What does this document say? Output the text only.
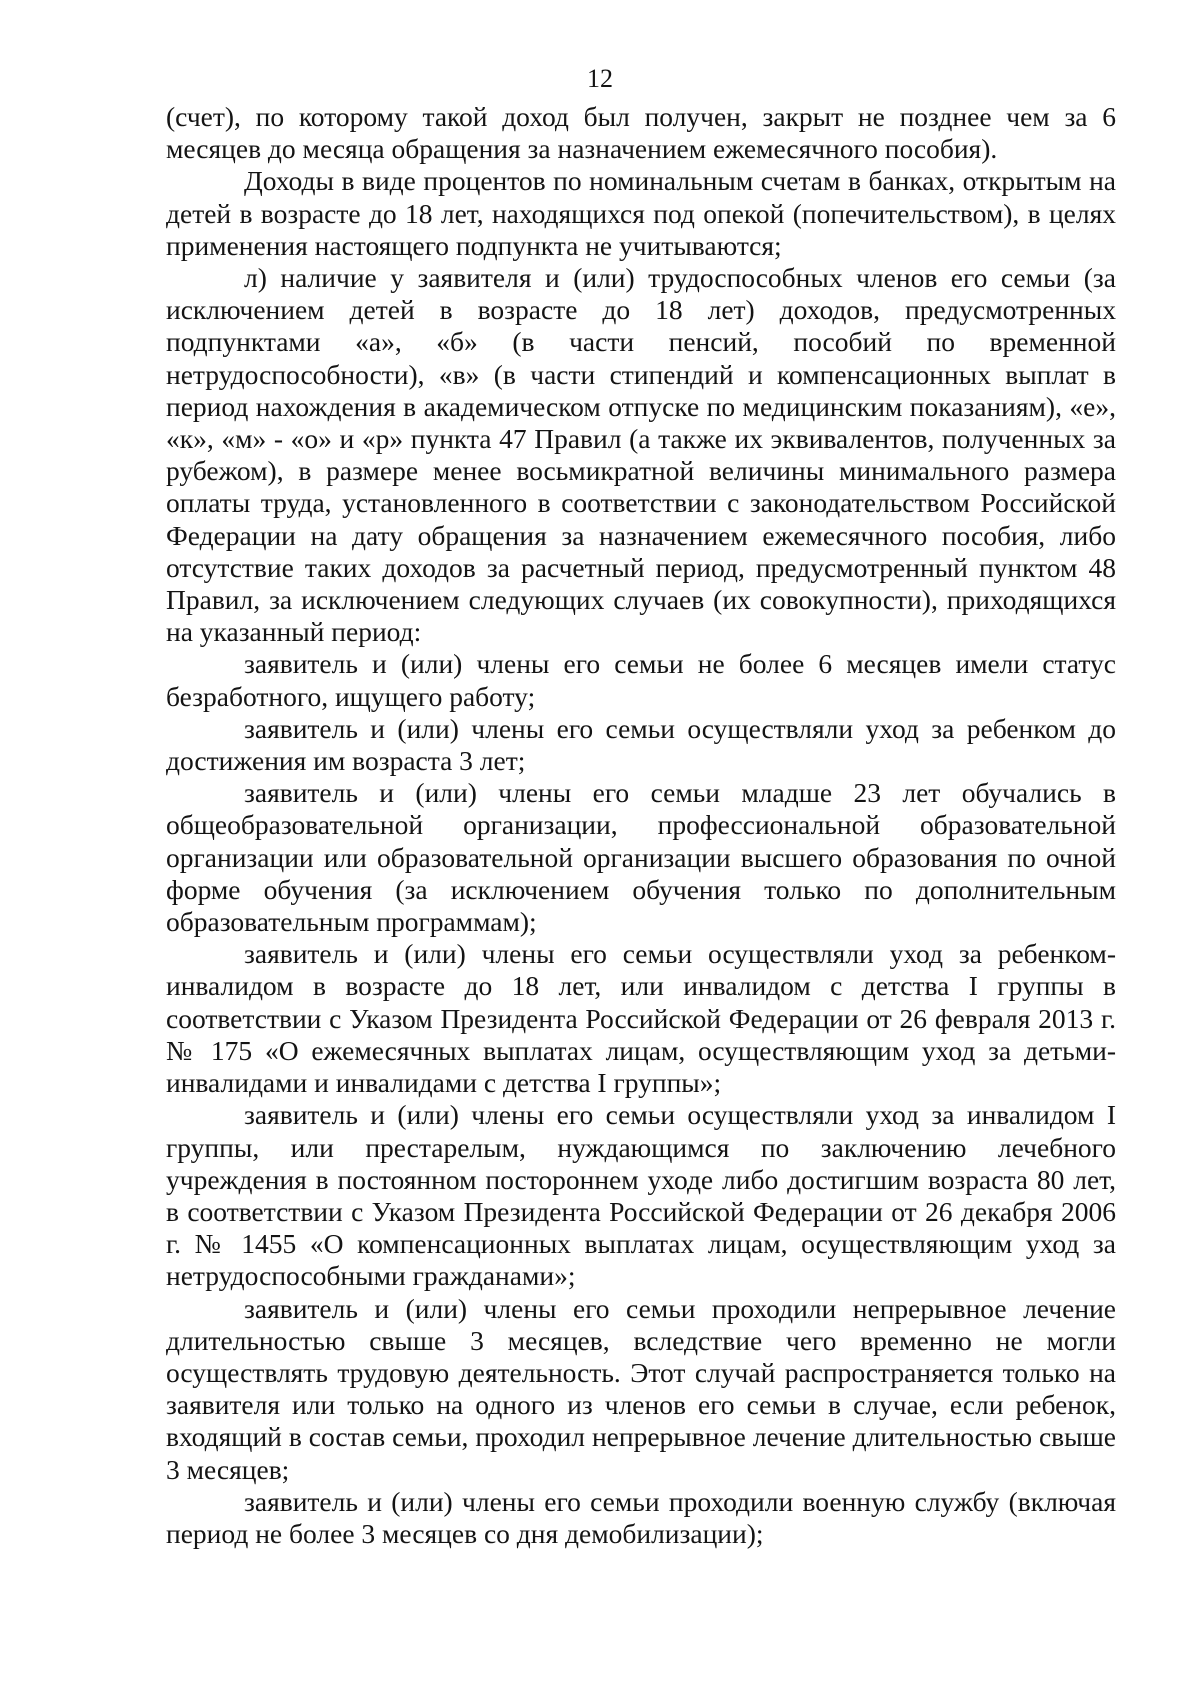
12

(счет), по которому такой доход был получен, закрыт не позднее чем за 6 месяцев до месяца обращения за назначением ежемесячного пособия).

Доходы в виде процентов по номинальным счетам в банках, открытым на детей в возрасте до 18 лет, находящихся под опекой (попечительством), в целях применения настоящего подпункта не учитываются;

л) наличие у заявителя и (или) трудоспособных членов его семьи (за исключением детей в возрасте до 18 лет) доходов, предусмотренных подпунктами «а», «б» (в части пенсий, пособий по временной нетрудоспособности), «в» (в части стипендий и компенсационных выплат в период нахождения в академическом отпуске по медицинским показаниям), «е», «к», «м» - «о» и «р» пункта 47 Правил (а также их эквивалентов, полученных за рубежом), в размере менее восьмикратной величины минимального размера оплаты труда, установленного в соответствии с законодательством Российской Федерации на дату обращения за назначением ежемесячного пособия, либо отсутствие таких доходов за расчетный период, предусмотренный пунктом 48 Правил, за исключением следующих случаев (их совокупности), приходящихся на указанный период:

заявитель и (или) члены его семьи не более 6 месяцев имели статус безработного, ищущего работу;

заявитель и (или) члены его семьи осуществляли уход за ребенком до достижения им возраста 3 лет;

заявитель и (или) члены его семьи младше 23 лет обучались в общеобразовательной организации, профессиональной образовательной организации или образовательной организации высшего образования по очной форме обучения (за исключением обучения только по дополнительным образовательным программам);

заявитель и (или) члены его семьи осуществляли уход за ребенком-инвалидом в возрасте до 18 лет, или инвалидом с детства I группы в соответствии с Указом Президента Российской Федерации от 26 февраля 2013 г. № 175 «О ежемесячных выплатах лицам, осуществляющим уход за детьми-инвалидами и инвалидами с детства I группы»;

заявитель и (или) члены его семьи осуществляли уход за инвалидом I группы, или престарелым, нуждающимся по заключению лечебного учреждения в постоянном постороннем уходе либо достигшим возраста 80 лет, в соответствии с Указом Президента Российской Федерации от 26 декабря 2006 г. № 1455 «О компенсационных выплатах лицам, осуществляющим уход за нетрудоспособными гражданами»;

заявитель и (или) члены его семьи проходили непрерывное лечение длительностью свыше 3 месяцев, вследствие чего временно не могли осуществлять трудовую деятельность. Этот случай распространяется только на заявителя или только на одного из членов его семьи в случае, если ребенок, входящий в состав семьи, проходил непрерывное лечение длительностью свыше 3 месяцев;

заявитель и (или) члены его семьи проходили военную службу (включая период не более 3 месяцев со дня демобилизации);
